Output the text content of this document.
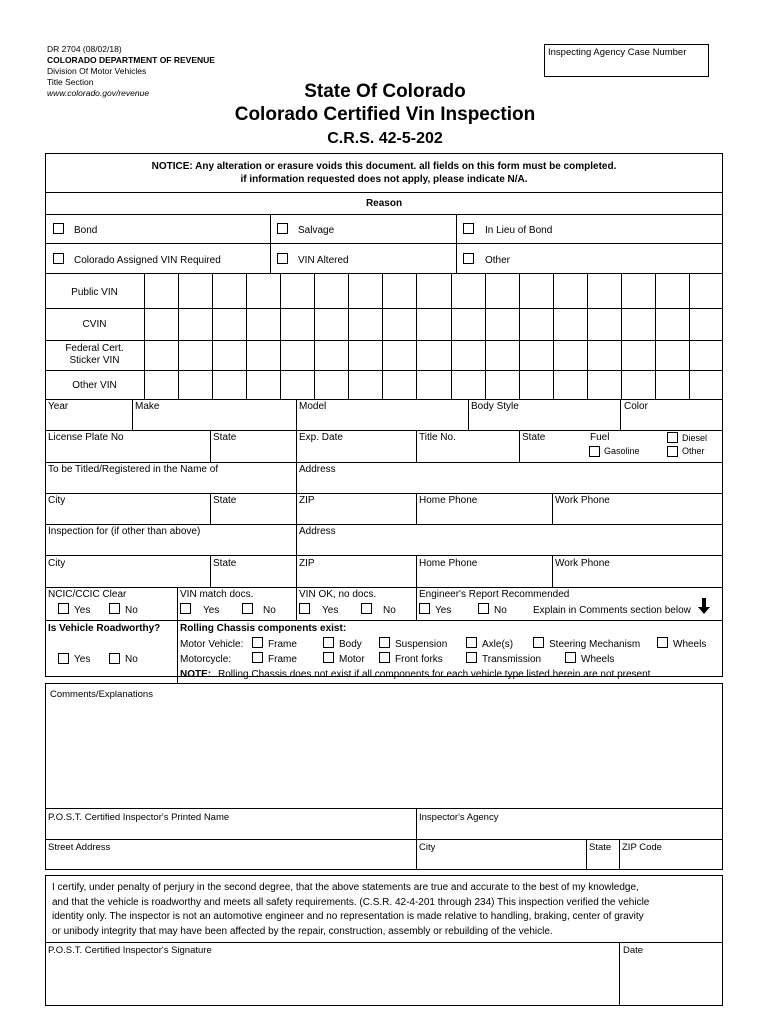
DR 2704 (08/02/18)
COLORADO DEPARTMENT OF REVENUE
Division Of Motor Vehicles
Title Section
www.colorado.gov/revenue
Inspecting Agency Case Number
State Of Colorado
Colorado Certified Vin Inspection
C.R.S. 42-5-202
NOTICE: Any alteration or erasure voids this document. all fields on this form must be completed.
if information requested does not apply, please indicate N/A.
Reason
Bond	Salvage	In Lieu of Bond
Colorado Assigned VIN Required	VIN Altered	Other
Public VIN
CVIN
Federal Cert.
Sticker VIN
Other VIN
Year	Make	Model	Body Style	Color
License Plate No	State	Exp. Date	Title No.	State	Fuel	Diesel
Gasoline	Other
To be Titled/Registered in the Name of	Address
City	State	ZIP	Home Phone	Work Phone
Inspection for (if other than above)	Address
City	State	ZIP	Home Phone	Work Phone
NCIC/CCIC Clear
Yes	No
VIN match docs.
Yes	No
VIN OK, no docs.
Yes	No
Engineer's Report Recommended
Yes	No	Explain in Comments section below
Is Vehicle Roadworthy?
Yes	No
Rolling Chassis components exist:
Motor Vehicle: Frame	Body	Suspension	Axle(s)	Steering Mechanism	Wheels
Motorcycle:	Frame	Motor	Front forks	Transmission	Wheels
NOTE: Rolling Chassis does not exist if all components for each vehicle type listed herein are not present
Comments/Explanations
P.O.S.T. Certified Inspector's Printed Name	Inspector's Agency
Street Address	City	State ZIP Code
I certify, under penalty of perjury in the second degree, that the above statements are true and accurate to the best of my knowledge,
and that the vehicle is roadworthy and meets all safety requirements. (C.S.R. 42-4-201 through 234) This inspection verified the vehicle
identity only. The inspector is not an automotive engineer and no representation is made relative to handling, braking, center of gravity
or unibody integrity that may have been affected by the repair, construction, assembly or rebuilding of the vehicle.
P.O.S.T. Certified Inspector's Signature	Date
